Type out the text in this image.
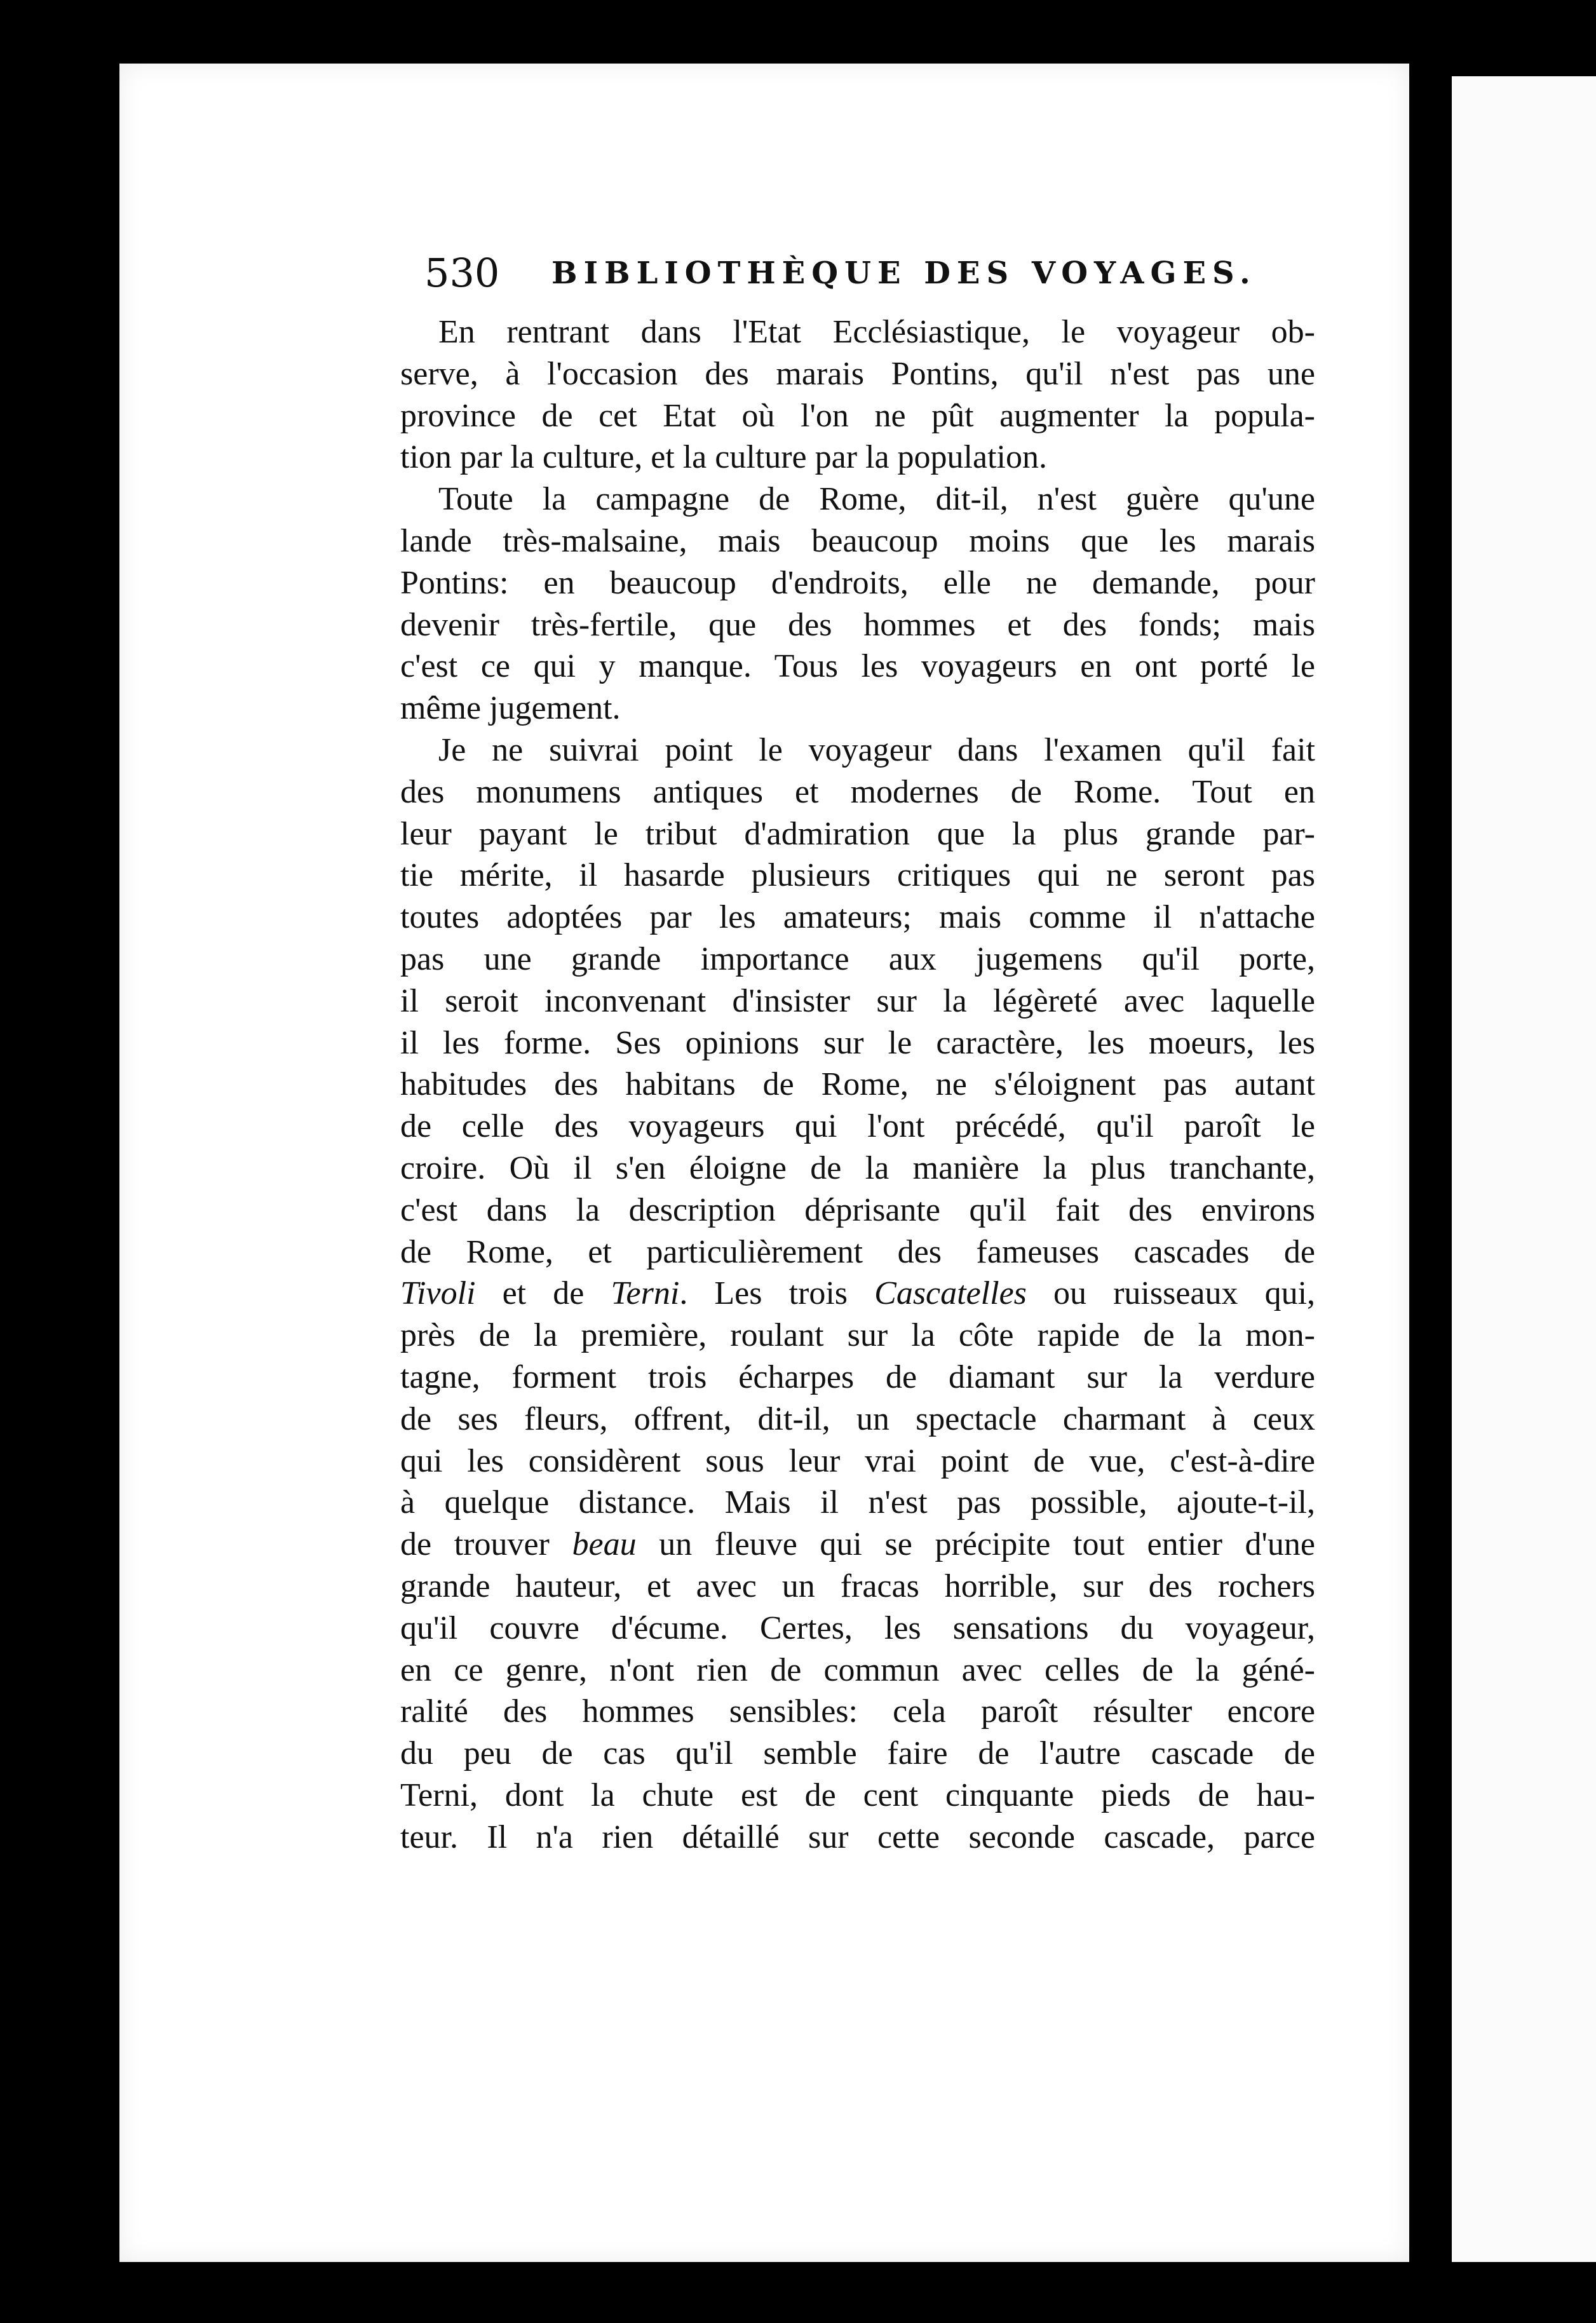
530 BIBLIOTHÈQUE DES VOYAGES.
En rentrant dans l'Etat Ecclésiastique, le voyageur ob-
serve, à l'occasion des marais Pontins, qu'il n'est pas une
province de cet Etat où l'on ne pût augmenter la popula-
tion par la culture, et la culture par la population.
Toute la campagne de Rome, dit-il, n'est guère qu'une
lande très-malsaine, mais beaucoup moins que les marais
Pontins: en beaucoup d'endroits, elle ne demande, pour
devenir très-fertile, que des hommes et des fonds; mais
c'est ce qui y manque. Tous les voyageurs en ont porté le
même jugement.
Je ne suivrai point le voyageur dans l'examen qu'il fait
des monumens antiques et modernes de Rome. Tout en
leur payant le tribut d'admiration que la plus grande par-
tie mérite, il hasarde plusieurs critiques qui ne seront pas
toutes adoptées par les amateurs; mais comme il n'attache
pas une grande importance aux jugemens qu'il porte,
il seroit inconvenant d'insister sur la légèreté avec laquelle
il les forme. Ses opinions sur le caractère, les moeurs, les
habitudes des habitans de Rome, ne s'éloignent pas autant
de celle des voyageurs qui l'ont précédé, qu'il paroît le
croire. Où il s'en éloigne de la manière la plus tranchante,
c'est dans la description déprisante qu'il fait des environs
de Rome, et particulièrement des fameuses cascades de
Tivoli et de Terni. Les trois Cascatelles ou ruisseaux qui,
près de la première, roulant sur la côte rapide de la mon-
tagne, forment trois écharpes de diamant sur la verdure
de ses fleurs, offrent, dit-il, un spectacle charmant à ceux
qui les considèrent sous leur vrai point de vue, c'est-à-dire
à quelque distance. Mais il n'est pas possible, ajoute-t-il,
de trouver beau un fleuve qui se précipite tout entier d'une
grande hauteur, et avec un fracas horrible, sur des rochers
qu'il couvre d'écume. Certes, les sensations du voyageur,
en ce genre, n'ont rien de commun avec celles de la géné-
ralité des hommes sensibles: cela paroît résulter encore
du peu de cas qu'il semble faire de l'autre cascade de
Terni, dont la chute est de cent cinquante pieds de hau-
teur. Il n'a rien détaillé sur cette seconde cascade, parce
